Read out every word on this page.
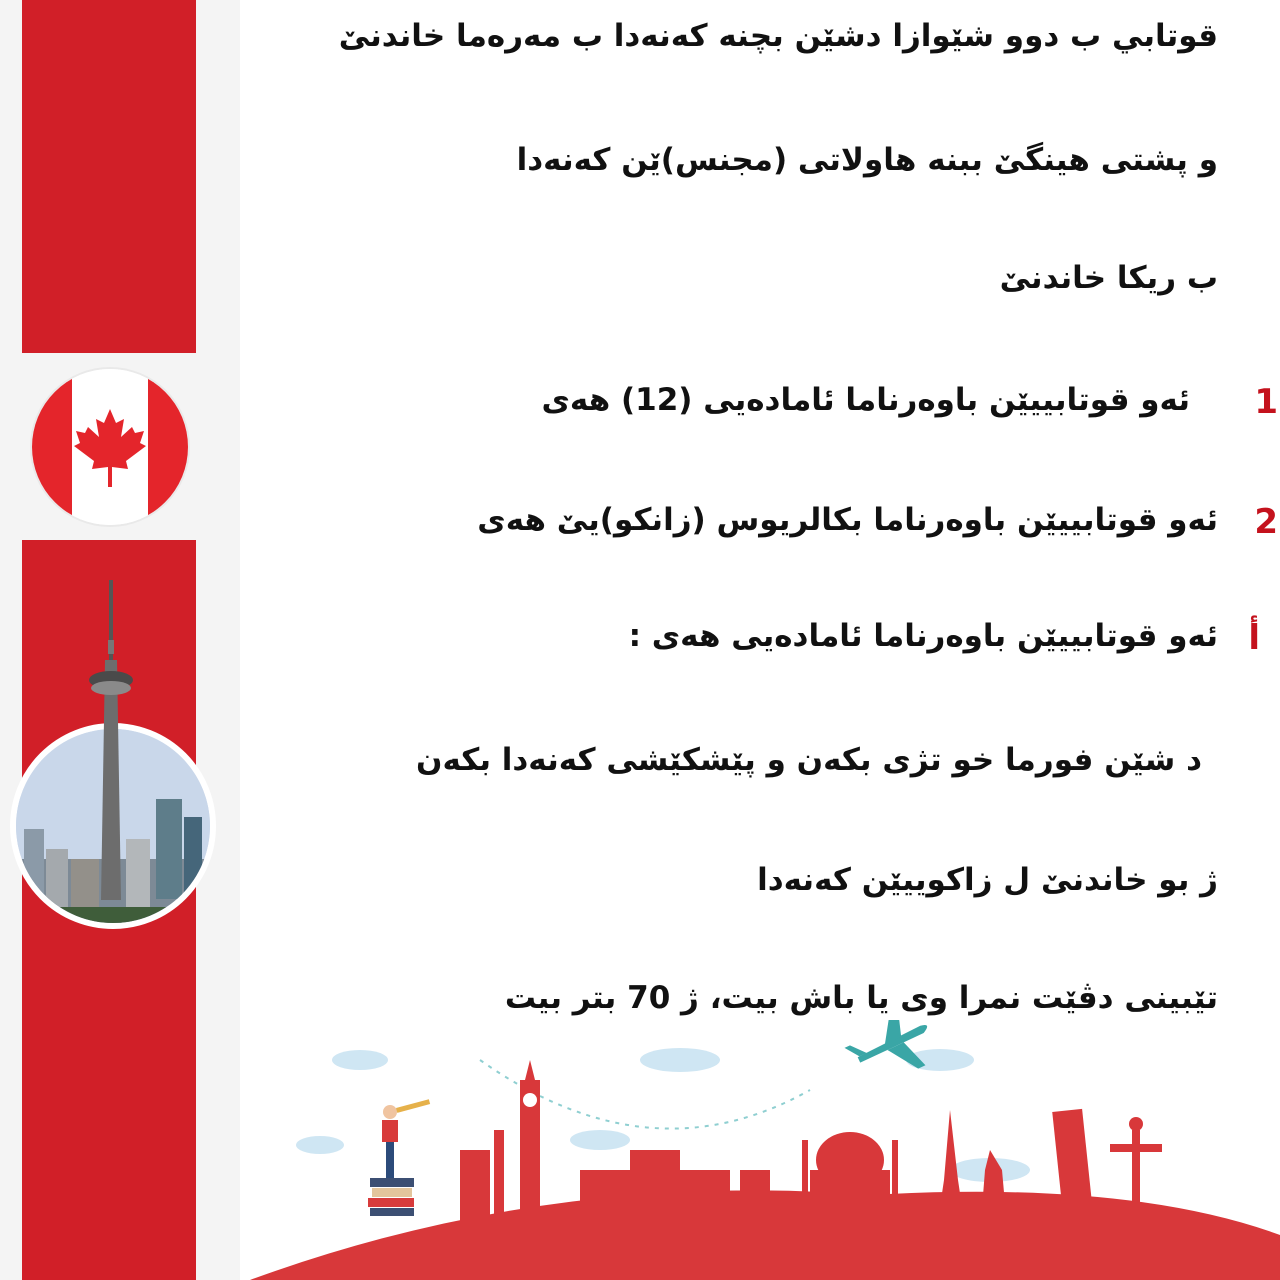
قوتابي ب دوو شێوازا دشێن بچنە کەنەدا ب مەرەما خاندنێ
و پشتی هینگێ ببنە هاولاتی (مجنس)ێن کەنەدا
ب ریکا خاندنێ
1
ئەو قوتابییێن باوەرناما ئامادەیی (12) هەی
2
ئەو قوتابییێن باوەرناما بکالریوس (زانکو)یێ هەی
أ
ئەو قوتابییێن باوەرناما ئامادەیی هەی :
د شێن فورما خو تژی بکەن و پێشکێشی کەنەدا بکەن
ژ بو خاندنێ ل زاکوییێن کەنەدا
تێبینی دڤێت نمرا وی یا باش بیت، ژ 70 بتر بیت
